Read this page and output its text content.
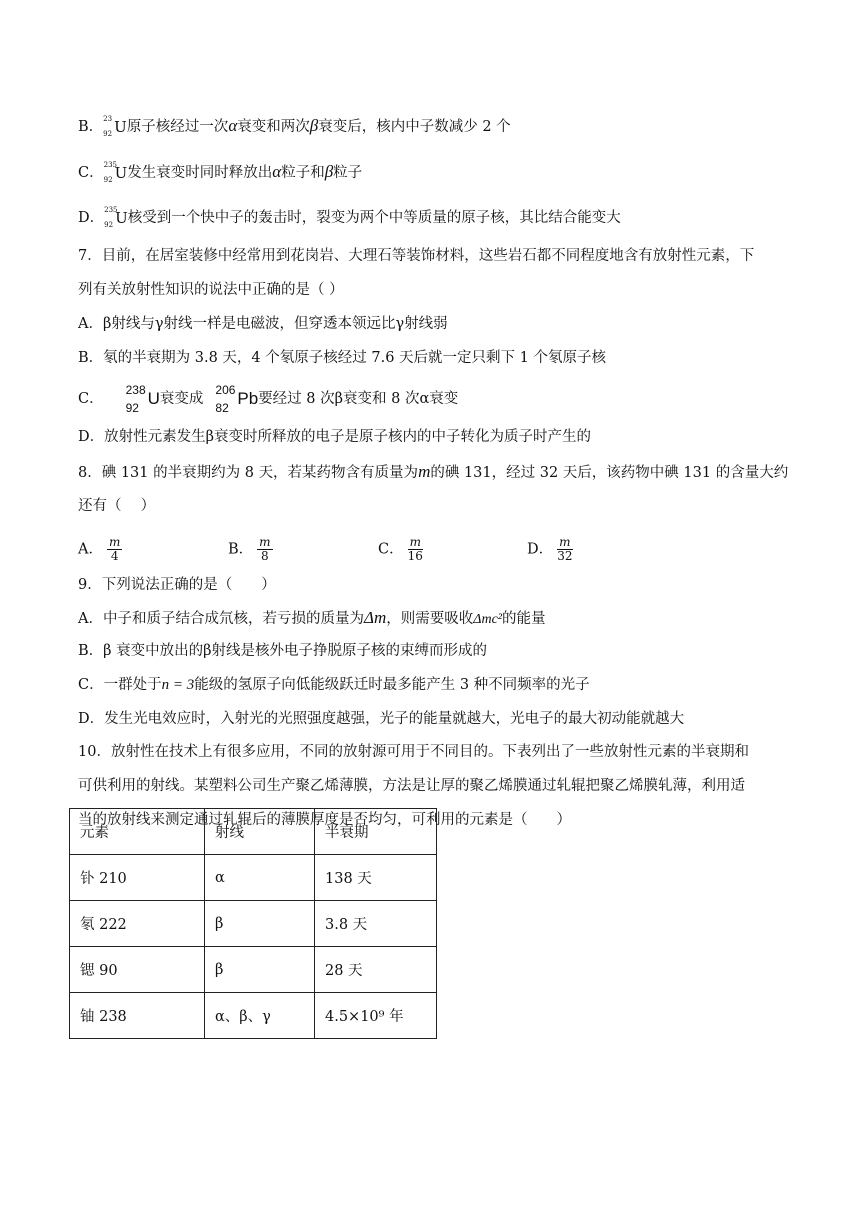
B． 23
92 U原子核经过一次α衰变和两次β衰变后，核内中子数减少 2 个
C． 235
92 U发生衰变时同时释放出α粒子和β粒子
D． 235
92 U核受到一个快中子的轰击时，裂变为两个中等质量的原子核，其比结合能变大
7．目前，在居室装修中经常用到花岗岩、大理石等装饰材料，这些岩石都不同程度地含有放射性元素，下
列有关放射性知识的说法中正确的是（ ）
A．β射线与γ射线一样是电磁波，但穿透本领远比γ射线弱
B．氡的半衰期为 3.8 天，4 个氡原子核经过 7.6 天后就一定只剩下 1 个氡原子核
C．
238
92 U衰变成
206
82 Pb要经过 8 次β衰变和 8 次α衰变
D．放射性元素发生β衰变时所释放的电子是原子核内的中子转化为质子时产生的
8．碘 131 的半衰期约为 8 天，若某药物含有质量为m的碘 131，经过 32 天后，该药物中碘 131 的含量大约
还有（　 ）
A． $\frac{m}{4}$	B． $\frac{m}{8}$	C． $\frac{m}{16}$	D． $\frac{m}{32}$
9．下列说法正确的是（　　）
A．中子和质子结合成氘核，若亏损的质量为Δm，则需要吸收Δmc²的能量
B．β 衰变中放出的β射线是核外电子挣脱原子核的束缚而形成的
C．一群处于n = 3能级的氢原子向低能级跃迁时最多能产生 3 种不同频率的光子
D．发生光电效应时，入射光的光照强度越强，光子的能量就越大，光电子的最大初动能就越大
10．放射性在技术上有很多应用，不同的放射源可用于不同目的。下表列出了一些放射性元素的半衰期和
可供利用的射线。某塑料公司生产聚乙烯薄膜，方法是让厚的聚乙烯膜通过轧辊把聚乙烯膜轧薄，利用适
当的放射线来测定通过轧辊后的薄膜厚度是否均匀，可利用的元素是（　　）
元素	射线	半衰期
钋 210	α	138 天
氡 222	β	3.8 天
锶 90	β	28 天
铀 238	α、β、γ	4.5×10⁹ 年
